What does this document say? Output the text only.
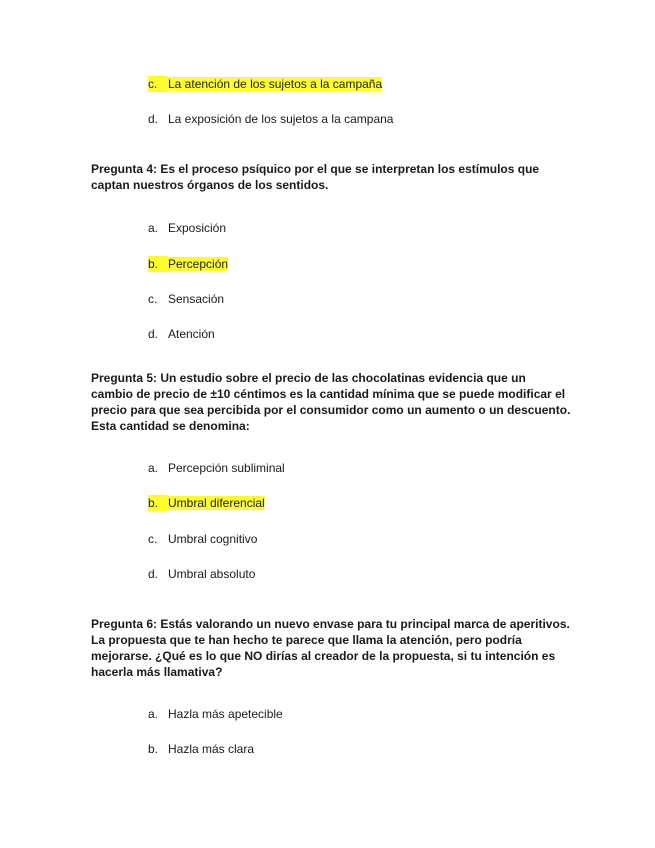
c. La atención de los sujetos a la campaña
d. La exposición de los sujetos a la campana
Pregunta 4: Es el proceso psíquico por el que se interpretan los estímulos que captan nuestros órganos de los sentidos.
a. Exposición
b. Percepción
c. Sensación
d. Atención
Pregunta 5: Un estudio sobre el precio de las chocolatinas evidencia que un cambio de precio de ±10 céntimos es la cantidad mínima que se puede modificar el precio para que sea percibida por el consumidor como un aumento o un descuento. Esta cantidad se denomina:
a. Percepción subliminal
b. Umbral diferencial
c. Umbral cognitivo
d. Umbral absoluto
Pregunta 6: Estás valorando un nuevo envase para tu principal marca de aperitivos. La propuesta que te han hecho te parece que llama la atención, pero podría mejorarse. ¿Qué es lo que NO dirías al creador de la propuesta, si tu intención es hacerla más llamativa?
a. Hazla más apetecible
b. Hazla más clara
